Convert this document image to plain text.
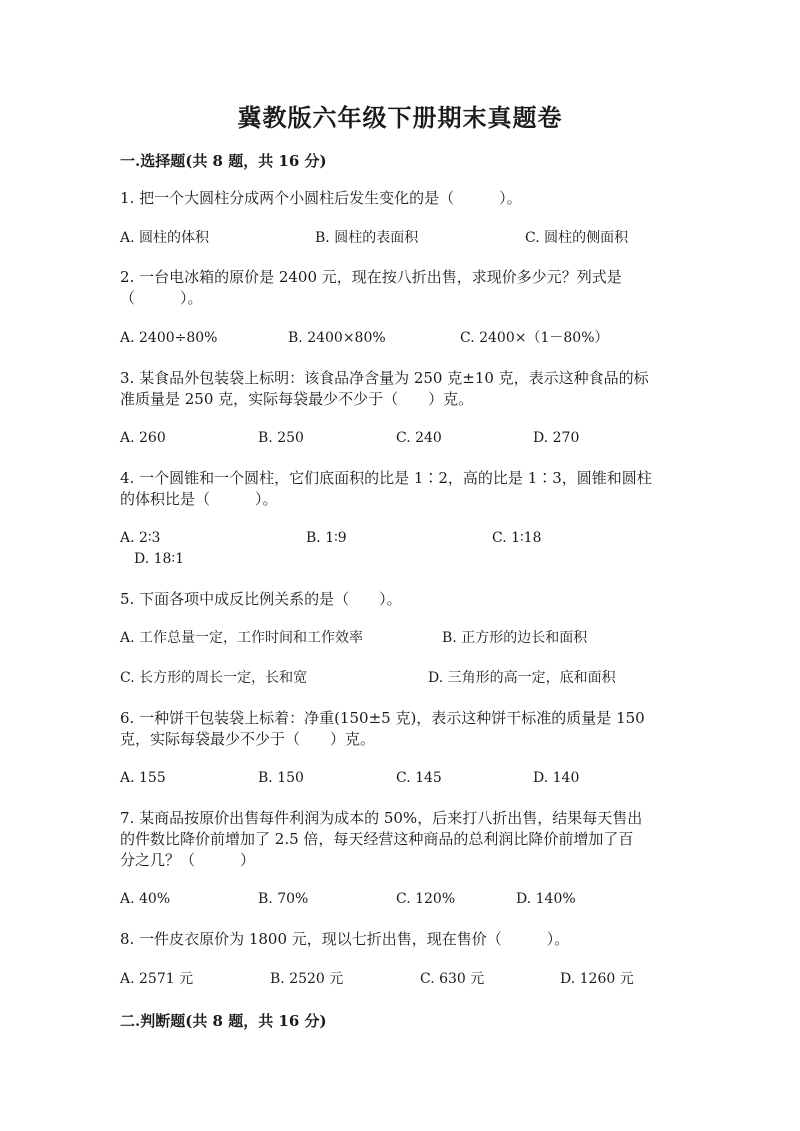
冀教版六年级下册期末真题卷
一.选择题(共 8 题，共 16 分)
1. 把一个大圆柱分成两个小圆柱后发生变化的是（　　　）。
A. 圆柱的体积	B. 圆柱的表面积	C. 圆柱的侧面积
2. 一台电冰箱的原价是 2400 元，现在按八折出售，求现价多少元？列式是
（　　　）。
A. 2400÷80%	B. 2400×80%	C. 2400×（1－80%）
3. 某食品外包装袋上标明：该食品净含量为 250 克±10 克，表示这种食品的标
准质量是 250 克，实际每袋最少不少于（　　）克。
A. 260	B. 250	C. 240	D. 270
4. 一个圆锥和一个圆柱，它们底面积的比是 1∶2，高的比是 1∶3，圆锥和圆柱
的体积比是（　　　）。
A. 2∶3	B. 1∶9	C. 1∶18
D. 18∶1
5. 下面各项中成反比例关系的是（　　）。
A. 工作总量一定，工作时间和工作效率	B. 正方形的边长和面积
C. 长方形的周长一定，长和宽	D. 三角形的高一定，底和面积
6. 一种饼干包装袋上标着：净重(150±5 克)，表示这种饼干标准的质量是 150
克，实际每袋最少不少于（　　）克。
A. 155	B. 150	C. 145	D. 140
7. 某商品按原价出售每件利润为成本的 50%，后来打八折出售，结果每天售出
的件数比降价前增加了 2.5 倍，每天经营这种商品的总利润比降价前增加了百
分之几？（　　　）
A. 40%	B. 70%	C. 120%	D. 140%
8. 一件皮衣原价为 1800 元，现以七折出售，现在售价（　　　）。
A. 2571 元	B. 2520 元	C. 630 元	D. 1260 元
二.判断题(共 8 题，共 16 分)
